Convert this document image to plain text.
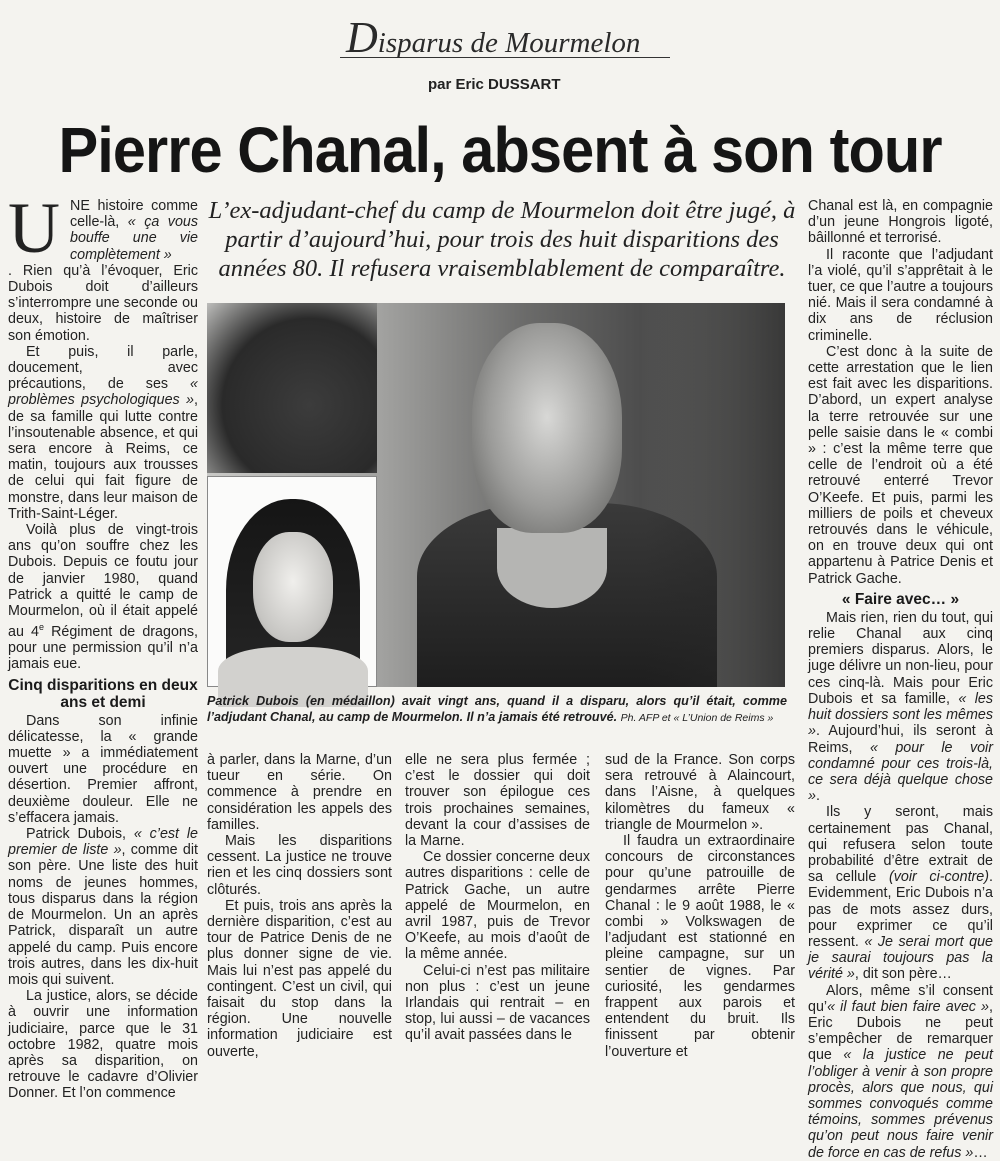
Disparus de Mourmelon
par Eric DUSSART
Pierre Chanal, absent à son tour
U NE histoire comme celle-là, « ça vous bouffe une vie complètement »

. Rien qu’à l’évoquer, Eric Dubois doit d’ailleurs s’interrompre une seconde ou deux, histoire de maîtriser son émotion.

Et puis, il parle, doucement, avec précautions, de ses « problèmes psychologiques », de sa famille qui lutte contre l’insoutenable absence, et qui sera encore à Reims, ce matin, toujours aux trousses de celui qui fait figure de monstre, dans leur maison de Trith-Saint-Léger.

Voilà plus de vingt-trois ans qu’on souffre chez les Dubois. Depuis ce foutu jour de janvier 1980, quand Patrick a quitté le camp de Mourmelon, où il était appelé au 4e Régiment de dragons, pour une permission qu’il n’a jamais eue.

Cinq disparitions en deux ans et demi

Dans son infinie délicatesse, la « grande muette » a immédiatement ouvert une procédure en désertion. Premier affront, deuxième douleur. Elle ne s’effacera jamais.

Patrick Dubois, « c’est le premier de liste », comme dit son père. Une liste des huit noms de jeunes hommes, tous disparus dans la région de Mourmelon. Un an après Patrick, disparaît un autre appelé du camp. Puis encore trois autres, dans les dix-huit mois qui suivent.

La justice, alors, se décide à ouvrir une information judiciaire, parce que le 31 octobre 1982, quatre mois après sa disparition, on retrouve le cadavre d’Olivier Donner. Et l’on commence

L’ex-adjudant-chef du camp de Mourmelon doit être jugé, à partir d’aujourd’hui, pour trois des huit disparitions des années 80. Il refusera vraisemblablement de comparaître.
Patrick Dubois (en médaillon) avait vingt ans, quand il a disparu, alors qu’il était, comme l’adjudant Chanal, au camp de Mourmelon. Il n’a jamais été retrouvé. Ph. AFP et « L’Union de Reims »

à parler, dans la Marne, d’un tueur en série. On commence à prendre en considération les appels des familles.

Mais les disparitions cessent. La justice ne trouve rien et les cinq dossiers sont clôturés.

Et puis, trois ans après la dernière disparition, c’est au tour de Patrice Denis de ne plus donner signe de vie. Mais lui n’est pas appelé du contingent. C’est un civil, qui faisait du stop dans la région. Une nouvelle information judiciaire est ouverte,

elle ne sera plus fermée ; c’est le dossier qui doit trouver son épilogue ces trois prochaines semaines, devant la cour d’assises de la Marne.

Ce dossier concerne deux autres disparitions : celle de Patrick Gache, un autre appelé de Mourmelon, en avril 1987, puis de Trevor O’Keefe, au mois d’août de la même année.

Celui-ci n’est pas militaire non plus : c’est un jeune Irlandais qui rentrait – en stop, lui aussi – de vacances qu’il avait passées dans le

sud de la France. Son corps sera retrouvé à Alaincourt, dans l’Aisne, à quelques kilomètres du fameux « triangle de Mourmelon ».

Il faudra un extraordinaire concours de circonstances pour qu’une patrouille de gendarmes arrête Pierre Chanal : le 9 août 1988, le « combi » Volkswagen de l’adjudant est stationné en pleine campagne, sur un sentier de vignes. Par curiosité, les gendarmes frappent aux parois et entendent du bruit. Ils finissent par obtenir l’ouverture et

Chanal est là, en compagnie d’un jeune Hongrois ligoté, bâillonné et terrorisé.

Il raconte que l’adjudant l’a violé, qu’il s’apprêtait à le tuer, ce que l’autre a toujours nié. Mais il sera condamné à dix ans de réclusion criminelle.

C’est donc à la suite de cette arrestation que le lien est fait avec les disparitions. D’abord, un expert analyse la terre retrouvée sur une pelle saisie dans le « combi » : c’est la même terre que celle de l’endroit où a été retrouvé enterré Trevor O’Keefe. Et puis, parmi les milliers de poils et cheveux retrouvés dans le véhicule, on en trouve deux qui ont appartenu à Patrice Denis et Patrick Gache.

« Faire avec… »

Mais rien, rien du tout, qui relie Chanal aux cinq premiers disparus. Alors, le juge délivre un non-lieu, pour ces cinq-là. Mais pour Eric Dubois et sa famille, « les huit dossiers sont les mêmes ». Aujourd’hui, ils seront à Reims, « pour le voir condamné pour ces trois-là, ce sera déjà quelque chose ».

Ils y seront, mais certainement pas Chanal, qui refusera selon toute probabilité d’être extrait de sa cellule (voir ci-contre). Evidemment, Eric Dubois n’a pas de mots assez durs, pour exprimer ce qu’il ressent. « Je serai mort que je saurai toujours pas la vérité », dit son père…

Alors, même s’il consent qu’« il faut bien faire avec », Eric Dubois ne peut s’empêcher de remarquer que « la justice ne peut l’obliger à venir à son propre procès, alors que nous, qui sommes convoqués comme témoins, sommes prévenus qu’on peut nous faire venir de force en cas de refus »…
